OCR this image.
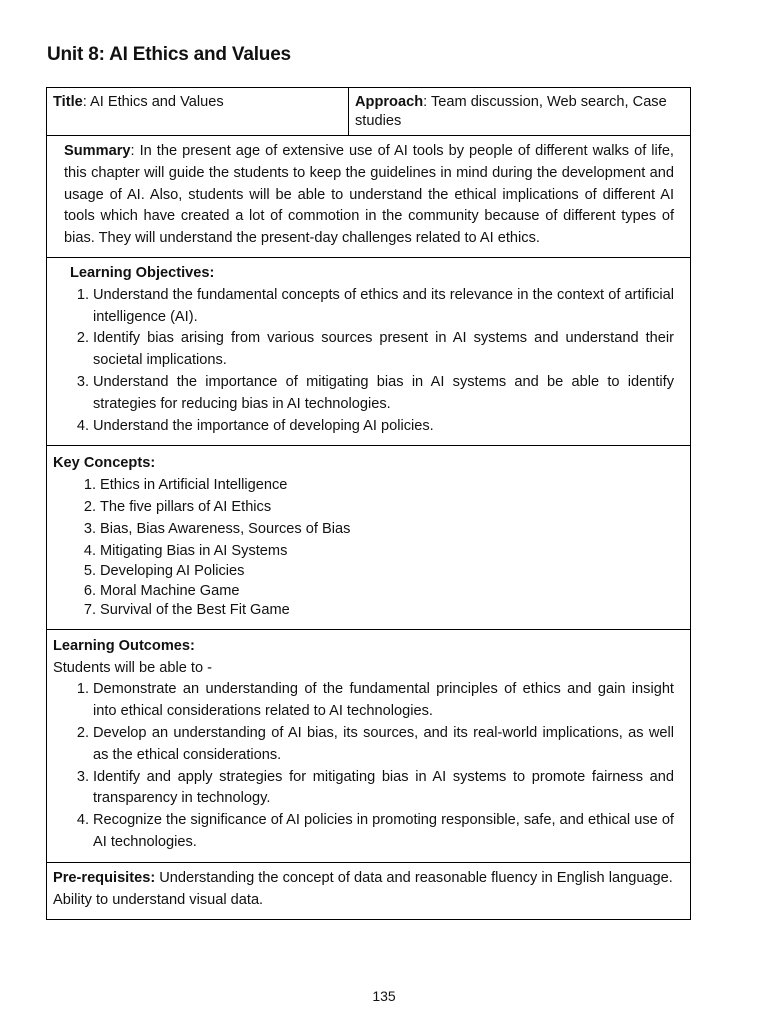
Unit 8: AI Ethics and Values
Title: AI Ethics and Values	Approach: Team discussion, Web search, Case studies
Summary: In the present age of extensive use of AI tools by people of different walks of life, this chapter will guide the students to keep the guidelines in mind during the development and usage of AI. Also, students will be able to understand the ethical implications of different AI tools which have created a lot of commotion in the community because of different types of bias. They will understand the present-day challenges related to AI ethics.
Learning Objectives:
1. Understand the fundamental concepts of ethics and its relevance in the context of artificial intelligence (AI).
2. Identify bias arising from various sources present in AI systems and understand their societal implications.
3. Understand the importance of mitigating bias in AI systems and be able to identify strategies for reducing bias in AI technologies.
4. Understand the importance of developing AI policies.
Key Concepts:
1. Ethics in Artificial Intelligence
2. The five pillars of AI Ethics
3. Bias, Bias Awareness, Sources of Bias
4. Mitigating Bias in AI Systems
5. Developing AI Policies
6. Moral Machine Game
7. Survival of the Best Fit Game
Learning Outcomes:
Students will be able to -
1. Demonstrate an understanding of the fundamental principles of ethics and gain insight into ethical considerations related to AI technologies.
2. Develop an understanding of AI bias, its sources, and its real-world implications, as well as the ethical considerations.
3. Identify and apply strategies for mitigating bias in AI systems to promote fairness and transparency in technology.
4. Recognize the significance of AI policies in promoting responsible, safe, and ethical use of AI technologies.
Pre-requisites: Understanding the concept of data and reasonable fluency in English language. Ability to understand visual data.
135
